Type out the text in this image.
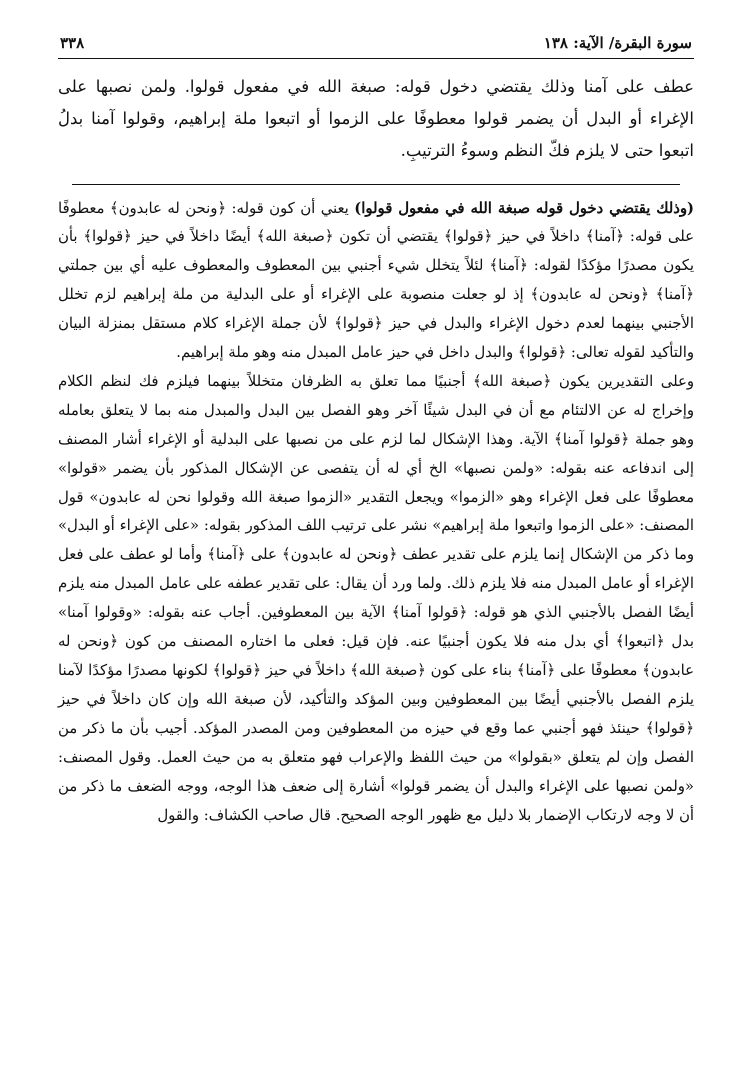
سورة البقرة/ الآية: ١٣٨
٣٣٨

عطف على آمنا وذلك يقتضي دخول قوله: صبغة الله في مفعول قولوا. ولمن نصبها على الإغراء أو البدل أن يضمر قولوا معطوفًا على الزموا أو اتبعوا ملة إبراهيم، وقولوا آمنا بدلُ اتبعوا حتى لا يلزم فكّ النظم وسوءُ الترتيبِ.

(وذلك يقتضي دخول قوله صبغة الله في مفعول قولوا) يعني أن كون قوله: ﴿ونحن له عابدون﴾ معطوفًا على قوله: ﴿آمنا﴾ داخلاً في حيز ﴿قولوا﴾ يقتضي أن تكون ﴿صبغة الله﴾ أيضًا داخلاً في حيز ﴿قولوا﴾ بأن يكون مصدرًا مؤكدًا لقوله: ﴿آمنا﴾ لئلاً يتخلل شيء أجنبي بين المعطوف والمعطوف عليه أي بين جملتي ﴿آمنا﴾ ﴿ونحن له عابدون﴾ إذ لو جعلت منصوبة على الإغراء أو على البدلية من ملة إبراهيم لزم تخلل الأجنبي بينهما لعدم دخول الإغراء والبدل في حيز ﴿قولوا﴾ لأن جملة الإغراء كلام مستقل بمنزلة البيان والتأكيد لقوله تعالى: ﴿قولوا﴾ والبدل داخل في حيز عامل المبدل منه وهو ملة إبراهيم.

وعلى التقديرين يكون ﴿صبغة الله﴾ أجنبيًا مما تعلق به الظرفان متخللاً بينهما فيلزم فك لنظم الكلام وإخراج له عن الالتئام مع أن في البدل شيئًا آخر وهو الفصل بين البدل والمبدل منه بما لا يتعلق بعامله وهو جملة ﴿قولوا آمنا﴾ الآية. وهذا الإشكال لما لزم على من نصبها على البدلية أو الإغراء أشار المصنف إلى اندفاعه عنه بقوله: «ولمن نصبها» الخ أي له أن يتفصى عن الإشكال المذكور بأن يضمر «قولوا» معطوفًا على فعل الإغراء وهو «الزموا» ويجعل التقدير «الزموا صبغة الله وقولوا نحن له عابدون» قول المصنف: «على الزموا واتبعوا ملة إبراهيم» نشر على ترتيب اللف المذكور بقوله: «على الإغراء أو البدل» وما ذكر من الإشكال إنما يلزم على تقدير عطف ﴿ونحن له عابدون﴾ على ﴿آمنا﴾ وأما لو عطف على فعل الإغراء أو عامل المبدل منه فلا يلزم ذلك. ولما ورد أن يقال: على تقدير عطفه على عامل المبدل منه يلزم أيضًا الفصل بالأجنبي الذي هو قوله: ﴿قولوا آمنا﴾ الآية بين المعطوفين. أجاب عنه بقوله: «وقولوا آمنا» بدل ﴿اتبعوا﴾ أي بدل منه فلا يكون أجنبيًا عنه. فإن قيل: فعلى ما اختاره المصنف من كون ﴿ونحن له عابدون﴾ معطوفًا على ﴿آمنا﴾ بناء على كون ﴿صبغة الله﴾ داخلاً في حيز ﴿قولوا﴾ لكونها مصدرًا مؤكدًا لآمنا يلزم الفصل بالأجنبي أيضًا بين المعطوفين وبين المؤكد والتأكيد، لأن صبغة الله وإن كان داخلاً في حيز ﴿قولوا﴾ حينئذ فهو أجنبي عما وقع في حيزه من المعطوفين ومن المصدر المؤكد. أجيب بأن ما ذكر من الفصل وإن لم يتعلق «بقولوا» من حيث اللفظ والإعراب فهو متعلق به من حيث العمل. وقول المصنف: «ولمن نصبها على الإغراء والبدل أن يضمر قولوا» أشارة إلى ضعف هذا الوجه، ووجه الضعف ما ذكر من أن لا وجه لارتكاب الإضمار بلا دليل مع ظهور الوجه الصحيح. قال صاحب الكشاف: والقول
